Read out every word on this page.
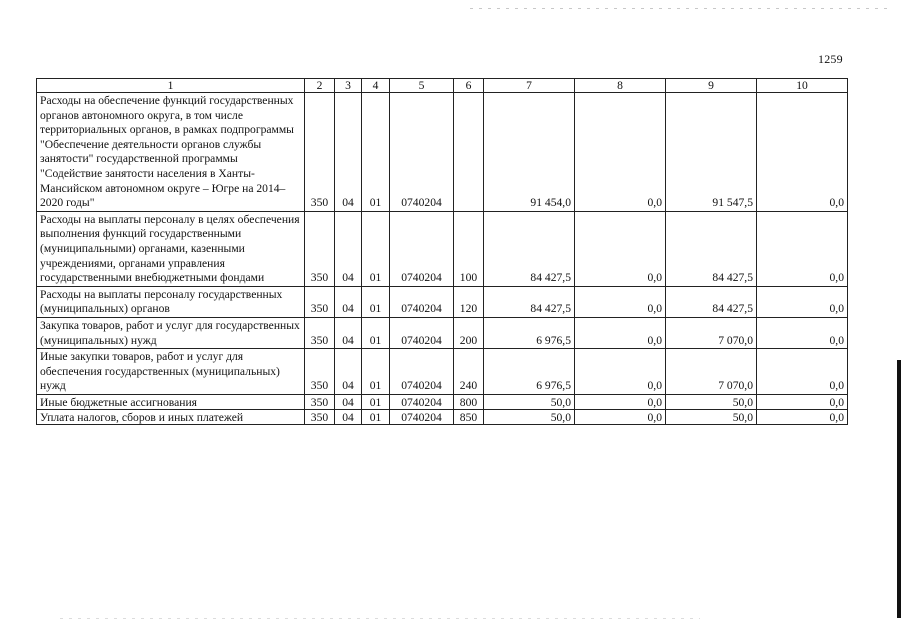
1259
1	2	3	4	5	6	7	8	9	10
Расходы на обеспечение функций государственных органов автономного округа, в том числе территориальных органов, в рамках подпрограммы "Обеспечение деятельности органов службы занятости" государственной программы "Содействие занятости населения в Ханты-Мансийском автономном округе – Югре на 2014–2020 годы"	350	04	01	0740204		91 454,0	0,0	91 547,5	0,0
Расходы на выплаты персоналу в целях обеспечения выполнения функций государственными (муниципальными) органами, казенными учреждениями, органами управления государственными внебюджетными фондами	350	04	01	0740204	100	84 427,5	0,0	84 427,5	0,0
Расходы на выплаты персоналу государственных (муниципальных) органов	350	04	01	0740204	120	84 427,5	0,0	84 427,5	0,0
Закупка товаров, работ и услуг для государственных (муниципальных) нужд	350	04	01	0740204	200	6 976,5	0,0	7 070,0	0,0
Иные закупки товаров, работ и услуг для обеспечения государственных (муниципальных) нужд	350	04	01	0740204	240	6 976,5	0,0	7 070,0	0,0
Иные бюджетные ассигнования	350	04	01	0740204	800	50,0	0,0	50,0	0,0
Уплата налогов, сборов и иных платежей	350	04	01	0740204	850	50,0	0,0	50,0	0,0
